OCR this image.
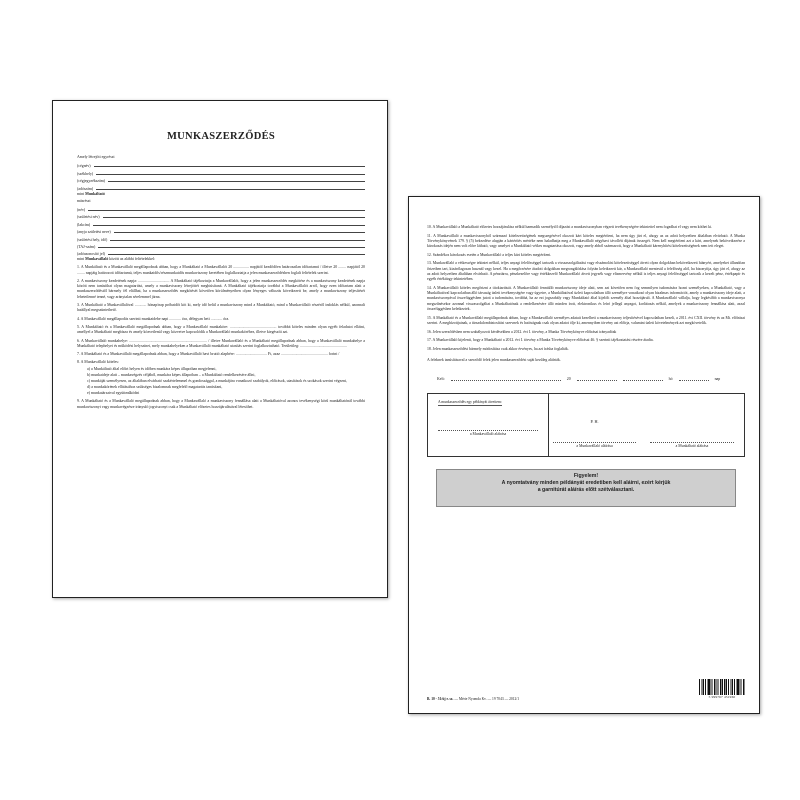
MUNKASZERZŐDÉS
Amely létrejött egyrészt
(cégnév)
(székhely)
(cégjegyzékszám)
(adószám)
mint Munkáltató
másrészt
(név)
(születési név)
(lakcím)
(anyja születési neve)
(születési hely, idő)
(TAJ-szám)
(adóazonosító jel)
mint Munkavállaló között az alábbi feltételekkel:
1. A Munkáltató és a Munkavállaló megállapodnak abban, hogy a Munkáltató a Munkavállalót 20 ................ napjától kezdődően határozatlan időtartamú / illetve 20 ........ napjától 20 ........ napjáig határozott időtartamú, teljes munkaidős/részmunkaidős munkaviszony keretében foglalkoztatja a jelen munkaszerződésben foglalt feltételek szerint.
2. A munkaviszony kezdetének napja: ................................ A Munkáltató tájékoztatja a Munkavállalót, hogy a jelen munkaszerződés megkötése és a munkaviszony kezdetének napja között nem tanúsíthat olyan magatartást, amely a munkaviszony létrejöttét meghiúsítaná. A Munkáltató tájékoztatja továbbá a Munkavállalót arról, hogy ezen időtartam alatt a munkaszerződéstől bármely fél elállhat, ha a munkaszerződés megkötését követően körülményeiben olyan lényeges változás következett be, amely a munkaviszony teljesítését lehetetlenné tenné, vagy aránytalan sérelemmel járna.
3. A Munkáltató a Munkavállalóval ............ hónap/nap próbaidőt köt ki, mely idő belül a munkaviszony mind a Munkáltató, mind a Munkavállaló részéről indoklás nélkül, azonnali hatállyal megszüntethető.
4. A Munkavállaló megállapodás szerinti munkaidebe napi ............ óra, délegyan heti ............ óra.
5. A Munkáltató és a Munkavállaló megállapodnak abban, hogy a Munkavállaló munkaköre: ................................................ továbbá köteles minden olyan egyéb feladatot ellátni, amellyel a Munkáltató megbízza és amely közvetlenül vagy közvetve kapcsolódik a Munkavállaló munkaköréhez, illetve kiegészíti azt.
6. A Munkavállaló munkahelye: ................................................................................ / illetve Munkavállaló és a Munkáltató megállapodnak abban, hogy a Munkavállaló munkahelye a Munkáltató telephelyei és működési helyszínei, mely munkahelyeken a Munkavállaló munkáltató utasítás szerint foglalkoztatható. Területileg: ................................................
7. A Munkáltató és a Munkavállaló megállapodnak abban, hogy a Munkavállaló havi bruttó alapbére: ................................ Ft, azaz ................................................ forint /
8. A Munkavállaló köteles:
a) a Munkáltató által előírt helyen és időben munkára képes állapotban megjelenni,
b) munkaideje alatt – munkavégzés céljából, munkára képes állapotban – a Munkáltató rendelkezésére állni,
c) munkáját személyesen, az általában elvárható szakértelemmel és gondossággal, a munkájára vonatkozó szabályok, előírások, utasítások és szokások szerint végezni,
d) a munkakörének ellátásához szükséges bizalomnak megfelelő magatartás tanúsítani,
e) munkatársaival együttműködni
9. A Munkáltató és a Munkavállaló megállapodnak abban, hogy a Munkavállaló a munkaviszony fennállása alatt a Munkáltatóval azonos tevékenységi körű munkáltatónál további munkaviszonyt vagy munkavégzésre irányuló jogviszonyt csak a Munkáltató előzetes hozzájárulásával létesíthet.
10. A Munkavállaló a Munkáltató előzetes hozzájárulása nélkül harmadik személytől díjazást a munkaviszonyban végzett tevékenységére tekintettel nem fogadhat el vagy nem köthet ki.
11. A Munkavállaló a munkaviszonyból származó kötelezettségének megszegésével okozott kárt köteles megtéríteni, ha nem úgy járt el, ahogy az az adott helyzetben általában elvárható. A Munka Törvénykönyvének 179. § (5) bekezdése alapján a kártérítés mértéke nem haladhatja meg a Munkavállaló négyhavi távolléti díjának összegét. Nem kell megtéríteni azt a kárt, amelynek bekövetkezése a károkozás idején nem volt előre látható, vagy amelyet a Munkáltató vétkes magatartása okozott, vagy amely abból származott, hogy a Munkáltató kárenyhítési kötelezettségének nem tett eleget.
12. Szándékos károkozás esetén a Munkavállaló a teljes kárt köteles megtéríteni.
13. Munkavállaló a vétkességre tekintet nélkül, teljes anyagi felelősséggel tartozik a visszaszolgáltatási vagy elszámolási kötelezettséggel átvett olyan dolgokban bekövetkezett hiányért, amelyeket állandóan őrizetben tart, kizárólagosan használ vagy kezel. Ha a megőrzésére átadott dolgokban megrongálódása folytán keletkezett kár, a Munkavállaló mentesül a felelősség alól, ha bizonyítja, úgy járt el, ahogy az az adott helyzetben általában elvárható. A pénztárra, pénzkezelőre vagy értékkezelő Munkavállaló átvett jegyzék vagy elismervény nélkül is teljes anyagi felelősséggel tartozik a kezelt pénz, értékpapír és egyéb értéktárgy tekintetében.
14. A Munkavállaló köteles megőrizni a titoktartását. A Munkavállaló fenntálló munkaviszony ideje alatt, sem azt követően nem fog semmilyen tudomására hozni személyeken, a Munkáltató, vagy a Munkáltatóval kapcsolatban álló társaság üzleti tevékenységére vagy ügyeire, a Munkáltatóval üzleti kapcsolatban álló személyre vonatkozó olyan bizalmas információt, amely a munkaviszony ideje alatt, a munkaviszonyával összefüggésben jutott a tudomására, továbbá, ha az ezt jogszabály vagy Munkáltató által kijelölt személy által hozzájárult. A Munkavállaló vállalja, hogy legkésőbb a munkaviszonya megszűnésekor azonnal visszaszolgáltat a Munkáltatónak a rendelkezésére álló minden írott, elektronikus és leíró jellegű anyagot, korlátozás nélkül, amelyek a munkaviszony fennállása alatt, azzal összefüggésben keletkeztek.
15. A Munkáltató és a Munkavállaló megállapodnak abban, hogy a Munkavállaló személyes adatait kezelheti a munkaviszony teljesítésével kapcsolatban kezeli, a 2011. évi CXII. törvény és az Mt. előírásai szerint. A megbízottjainak, a társadalombiztosítási szervnek és hatóságnak csak olyan adatot ölje ki, amennyiben törvény azt előírja, valamint üzleti követelmények azt megkövetelik.
16. Jelen szerződésben nem szabályozott kérdésekben a 2012. évi I. törvény, a Munka Törvénykönyve előírásai irányadóak
17. A Munkavállaló kijelenti, hogy a Munkáltató a 2012. évi I. törvény a Munka Törvénykönyve előírásai 46. § szerinti tájékoztatást részére átadta.
18. Jelen munkaszerződést bármely módosítása csak akkor érvényes, ha azt írásba foglalták.
A feleknek tanúsításaval a szerződő felek jelen munkaszerződést saját kezűleg aláírták.
Kelt:	20	hó	nap
A munkaszerződés egy példányát átvettem:
a Munkavállaló aláírása
P. H.
a Munkavállaló aláírása	a Munkáltató aláírása
Figyelem!
A nyomtatvány minden példányát eredetiben kell aláírni, ezért kérjük
a garnitúrát aláírás előtt szétválasztani.
B. 10 - 51/új r. sz. — Mérie Nyomda Kv. — 19 7043 — 2012/1	5 999767 451960
